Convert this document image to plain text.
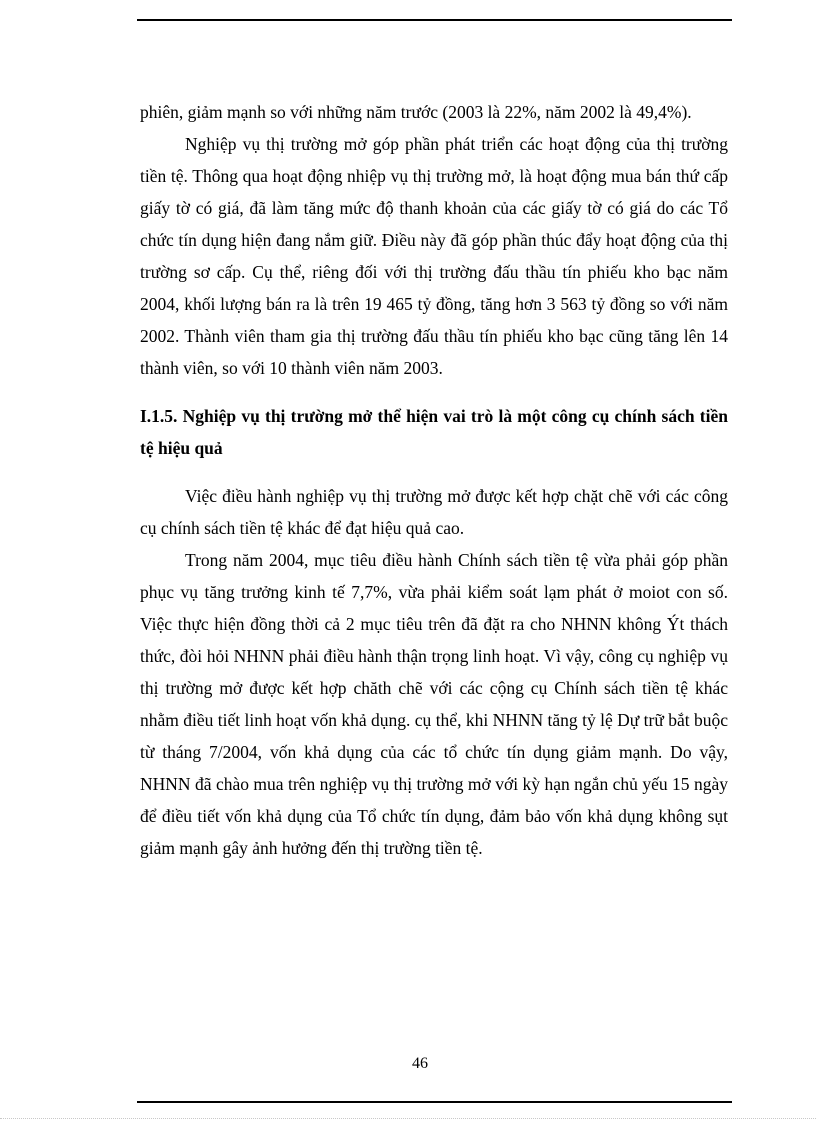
phiên, giảm mạnh so với những năm trước (2003 là 22%, năm 2002 là 49,4%).

Nghiệp vụ thị trường mở góp phần phát triển các hoạt động của thị trường tiền tệ. Thông qua hoạt động nhiệp vụ thị trường mở, là hoạt động mua bán thứ cấp giấy tờ có giá, đã làm tăng mức độ thanh khoản của các giấy tờ có giá do các Tổ chức tín dụng hiện đang nắm giữ. Điều này đã góp phần thúc đẩy hoạt động của thị trường sơ cấp. Cụ thể, riêng đối với thị trường đấu thầu tín phiếu kho bạc năm 2004, khối lượng bán ra là trên 19 465 tỷ đồng, tăng hơn 3 563 tỷ đồng so với năm 2002. Thành viên tham gia thị trường đấu thầu tín phiếu kho bạc cũng tăng lên 14 thành viên, so với 10 thành viên năm 2003.

I.1.5. Nghiệp vụ thị trường mở thể hiện vai trò là một công cụ chính sách tiền tệ hiệu quả

Việc điều hành nghiệp vụ thị trường mở được kết hợp chặt chẽ với các công cụ chính sách tiền tệ khác để đạt hiệu quả cao.

Trong năm 2004, mục tiêu điều hành Chính sách tiền tệ vừa phải góp phần phục vụ tăng trưởng kinh tế 7,7%, vừa phải kiểm soát lạm phát ở moiot con số. Việc thực hiện đồng thời cả 2 mục tiêu trên đã đặt ra cho NHNN không Ýt thách thức, đòi hỏi NHNN phải điều hành thận trọng linh hoạt. Vì vậy, công cụ nghiệp vụ thị trường mở được kết hợp chăth chẽ với các cộng cụ Chính sách tiền tệ khác nhằm điều tiết linh hoạt vốn khả dụng. cụ thể, khi NHNN tăng tỷ lệ Dự trữ bắt buộc từ tháng 7/2004, vốn khả dụng của các tổ chức tín dụng giảm mạnh. Do vậy, NHNN đã chào mua trên nghiệp vụ thị trường mở với kỳ hạn ngắn chủ yếu 15 ngày để điều tiết vốn khả dụng của Tổ chức tín dụng, đảm bảo vốn khả dụng không sụt giảm mạnh gây ảnh hưởng đến thị trường tiền tệ.

46
